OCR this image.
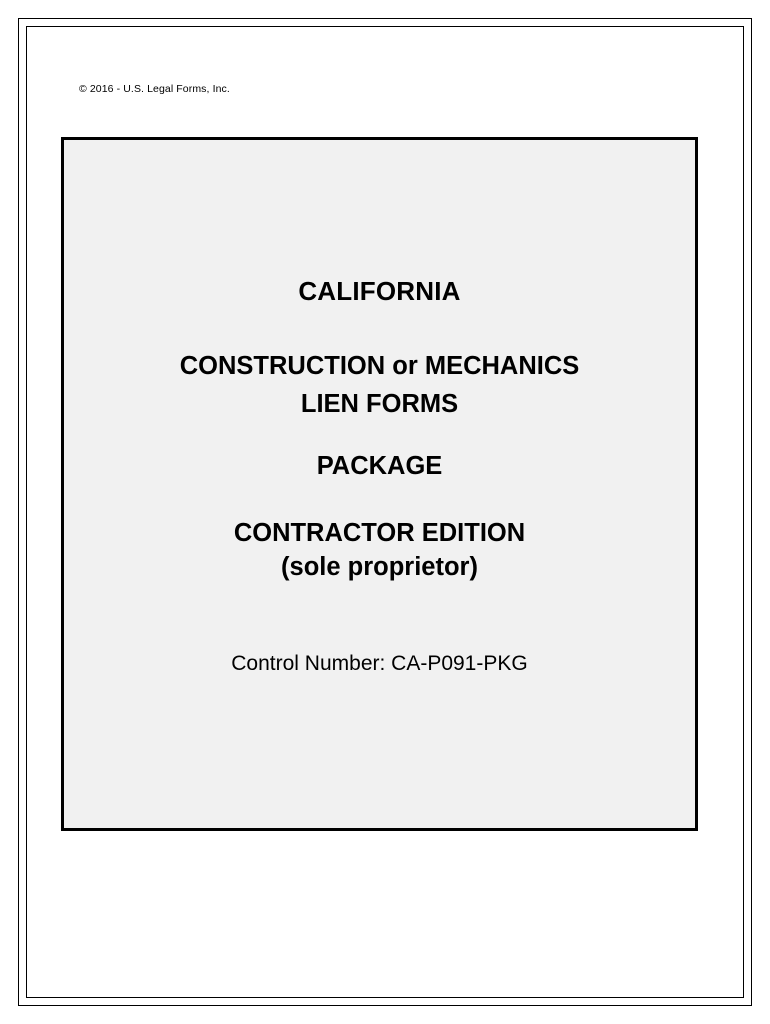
© 2016 - U.S. Legal Forms, Inc.

CALIFORNIA

CONSTRUCTION or MECHANICS

LIEN FORMS

PACKAGE

CONTRACTOR EDITION

(sole proprietor)

Control Number: CA-P091-PKG
